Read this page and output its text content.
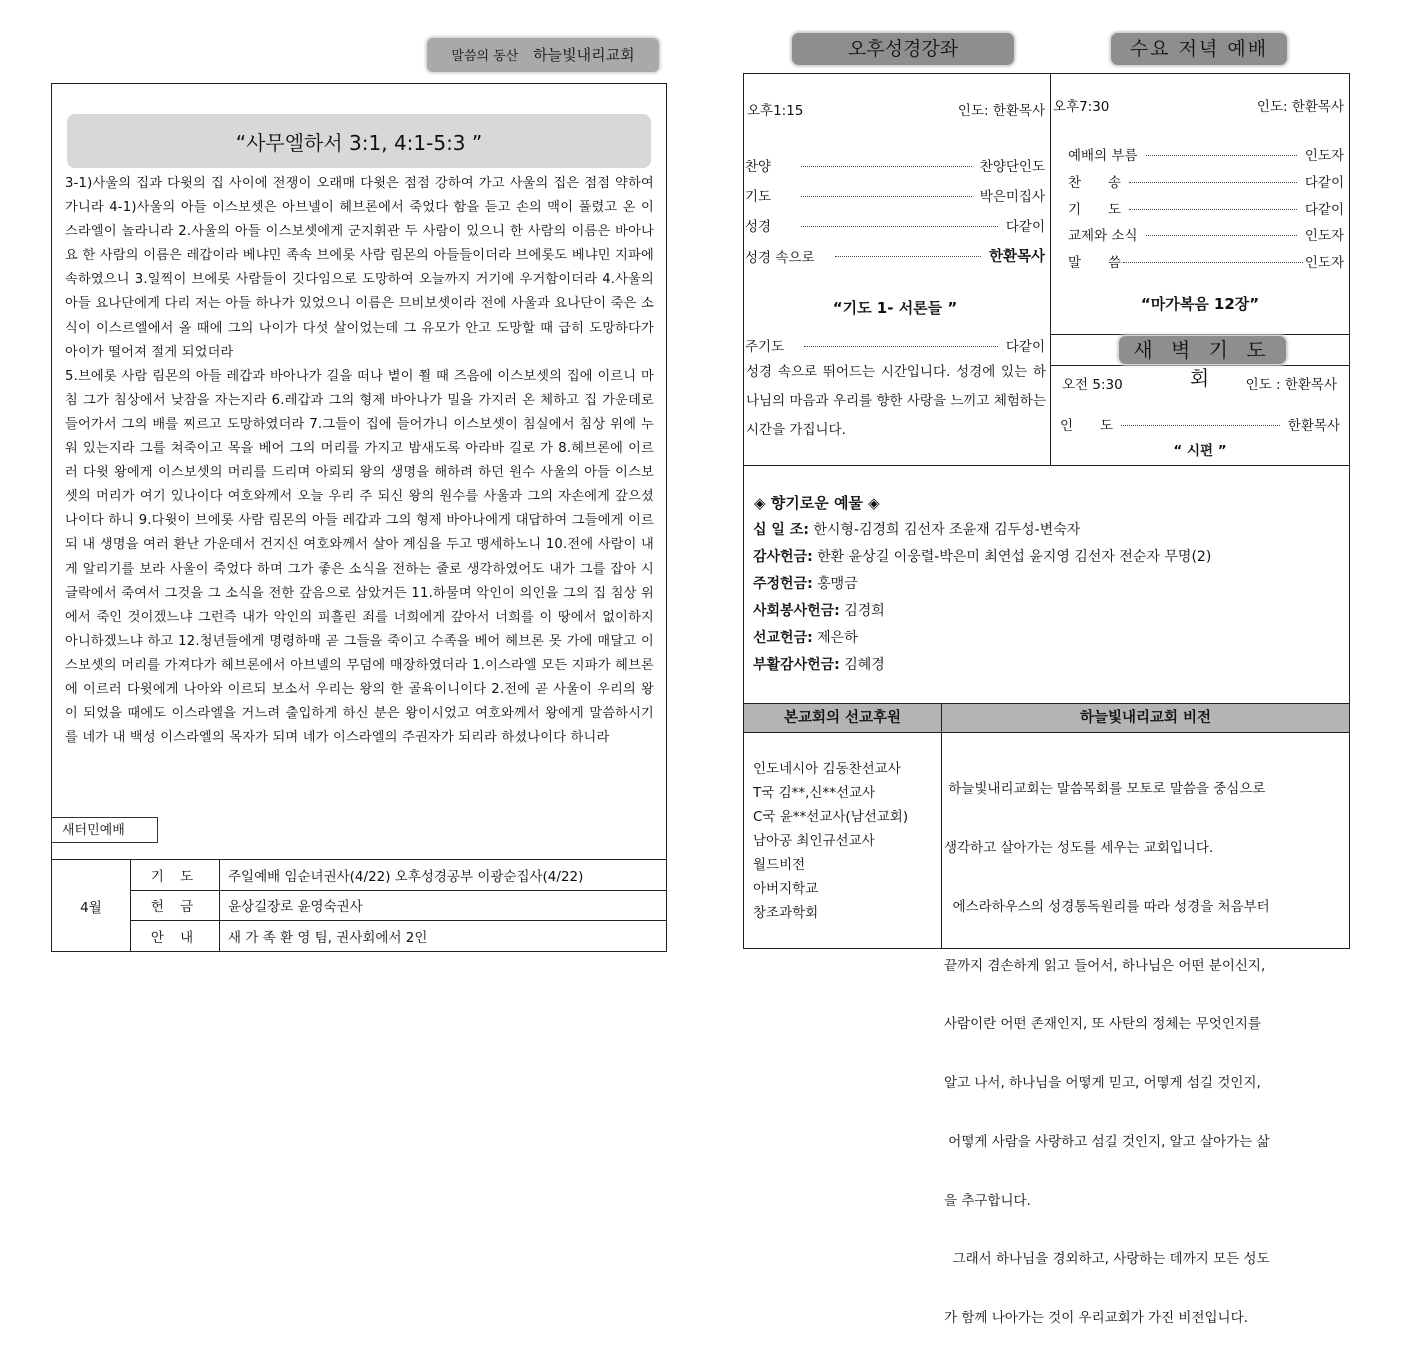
말씀의 동산 하늘빛내리교회
“사무엘하서 3:1, 4:1-5:3 ”

3-1)사울의 집과 다윗의 집 사이에 전쟁이 오래매 다윗은 점점 강하여 가고 사울의 집은 점점 약하여 가니라 4-1)사울의 아들 이스보셋은 아브넬이 헤브론에서 죽었다 함을 듣고 손의 맥이 풀렸고 온 이스라엘이 놀라니라 2.사울의 아들 이스보셋에게 군지휘관 두 사람이 있으니 한 사람의 이름은 바아나요 한 사람의 이름은 레갑이라 베냐민 족속 브에롯 사람 림몬의 아들들이더라 브에롯도 베냐민 지파에 속하였으니 3.일찍이 브에롯 사람들이 깃다임으로 도망하여 오늘까지 거기에 우거함이더라 4.사울의 아들 요나단에게 다리 저는 아들 하나가 있었으니 이름은 므비보셋이라 전에 사울과 요나단이 죽은 소식이 이스르엘에서 올 때에 그의 나이가 다섯 살이었는데 그 유모가 안고 도망할 때 급히 도망하다가 아이가 떨어져 절게 되었더라

5.브에롯 사람 림몬의 아들 레갑과 바아나가 길을 떠나 볕이 쬘 때 즈음에 이스보셋의 집에 이르니 마침 그가 침상에서 낮잠을 자는지라 6.레갑과 그의 형제 바아나가 밀을 가지러 온 체하고 집 가운데로 들어가서 그의 배를 찌르고 도망하였더라 7.그들이 집에 들어가니 이스보셋이 침실에서 침상 위에 누워 있는지라 그를 쳐죽이고 목을 베어 그의 머리를 가지고 밤새도록 아라바 길로 가 8.헤브론에 이르러 다윗 왕에게 이스보셋의 머리를 드리며 아뢰되 왕의 생명을 해하려 하던 원수 사울의 아들 이스보셋의 머리가 여기 있나이다 여호와께서 오늘 우리 주 되신 왕의 원수를 사울과 그의 자손에게 갚으셨나이다 하니 9.다윗이 브에롯 사람 림몬의 아들 레갑과 그의 형제 바아나에게 대답하여 그들에게 이르되 내 생명을 여러 환난 가운데서 건지신 여호와께서 살아 계심을 두고 맹세하노니 10.전에 사람이 내게 알리기를 보라 사울이 죽었다 하며 그가 좋은 소식을 전하는 줄로 생각하였어도 내가 그를 잡아 시글락에서 죽여서 그것을 그 소식을 전한 갚음으로 삼았거든 11.하물며 악인이 의인을 그의 집 침상 위에서 죽인 것이겠느냐 그런즉 내가 악인의 피흘린 죄를 너희에게 갚아서 너희를 이 땅에서 없이하지 아니하겠느냐 하고 12.청년들에게 명령하매 곧 그들을 죽이고 수족을 베어 헤브론 못 가에 매달고 이스보셋의 머리를 가져다가 헤브론에서 아브넬의 무덤에 매장하였더라 1.이스라엘 모든 지파가 헤브론에 이르러 다윗에게 나아와 이르되 보소서 우리는 왕의 한 골육이니이다 2.전에 곧 사울이 우리의 왕이 되었을 때에도 이스라엘을 거느려 출입하게 하신 분은 왕이시었고 여호와께서 왕에게 말씀하시기를 네가 내 백성 이스라엘의 목자가 되며 네가 이스라엘의 주권자가 되리라 하셨나이다 하니라

새터민예배
4월	기 도	주일예배 임순녀권사(4/22) 오후성경공부 이광순집사(4/22)
	헌 금	윤상길장로 윤영숙권사
	안 내	새 가 족 환 영 팀, 권사회에서 2인
오후성경강좌	수요 저녁 예배
오후1:15	인도: 한환목사
찬양	찬양단인도
기도	박은미집사
성경	다같이
성경 속으로	한환목사
“기도 1- 서론들 ”
주기도	다같이
성경 속으로 뛰어드는 시간입니다. 성경에 있는 하나님의 마음과 우리를 향한 사랑을 느끼고 체험하는 시간을 가집니다.
오후7:30	인도: 한환목사
예배의 부름	인도자
찬　　송	다같이
기　　도	다같이
교제와 소식	인도자
말　　씀	인도자
“마가복음 12장”
새 벽 기 도 회
오전 5:30	인도 : 한환목사
인　　도	한환목사
“ 시편 ”
◈ 향기로운 예물 ◈
십 일 조: 한시형-김경희 김선자 조윤재 김두성-변숙자
감사헌금: 한환 윤상길 이웅렬-박은미 최연섭 윤지영 김선자 전순자 무명(2)
주정헌금: 홍맹금
사회봉사헌금: 김경희
선교헌금: 제은하
부활감사헌금: 김혜경
본교회의 선교후원	하늘빛내리교회 비전
인도네시아 김동찬선교사
T국 김**,신**선교사
C국 윤**선교사(남선교회)
남아공 최인규선교사
월드비전
아버지학교
창조과학회

하늘빛내리교회는 말씀목회를 모토로 말씀을 중심으로

생각하고 살아가는 성도를 세우는 교회입니다.

에스라하우스의 성경통독원리를 따라 성경을 처음부터

끝까지 겸손하게 읽고 들어서, 하나님은 어떤 분이신지,

사람이란 어떤 존재인지, 또 사탄의 정체는 무엇인지를

알고 나서, 하나님을 어떻게 믿고, 어떻게 섬길 것인지,

어떻게 사람을 사랑하고 섬길 것인지, 알고 살아가는 삶

을 추구합니다.

그래서 하나님을 경외하고, 사랑하는 데까지 모든 성도

가 함께 나아가는 것이 우리교회가 가진 비전입니다.
